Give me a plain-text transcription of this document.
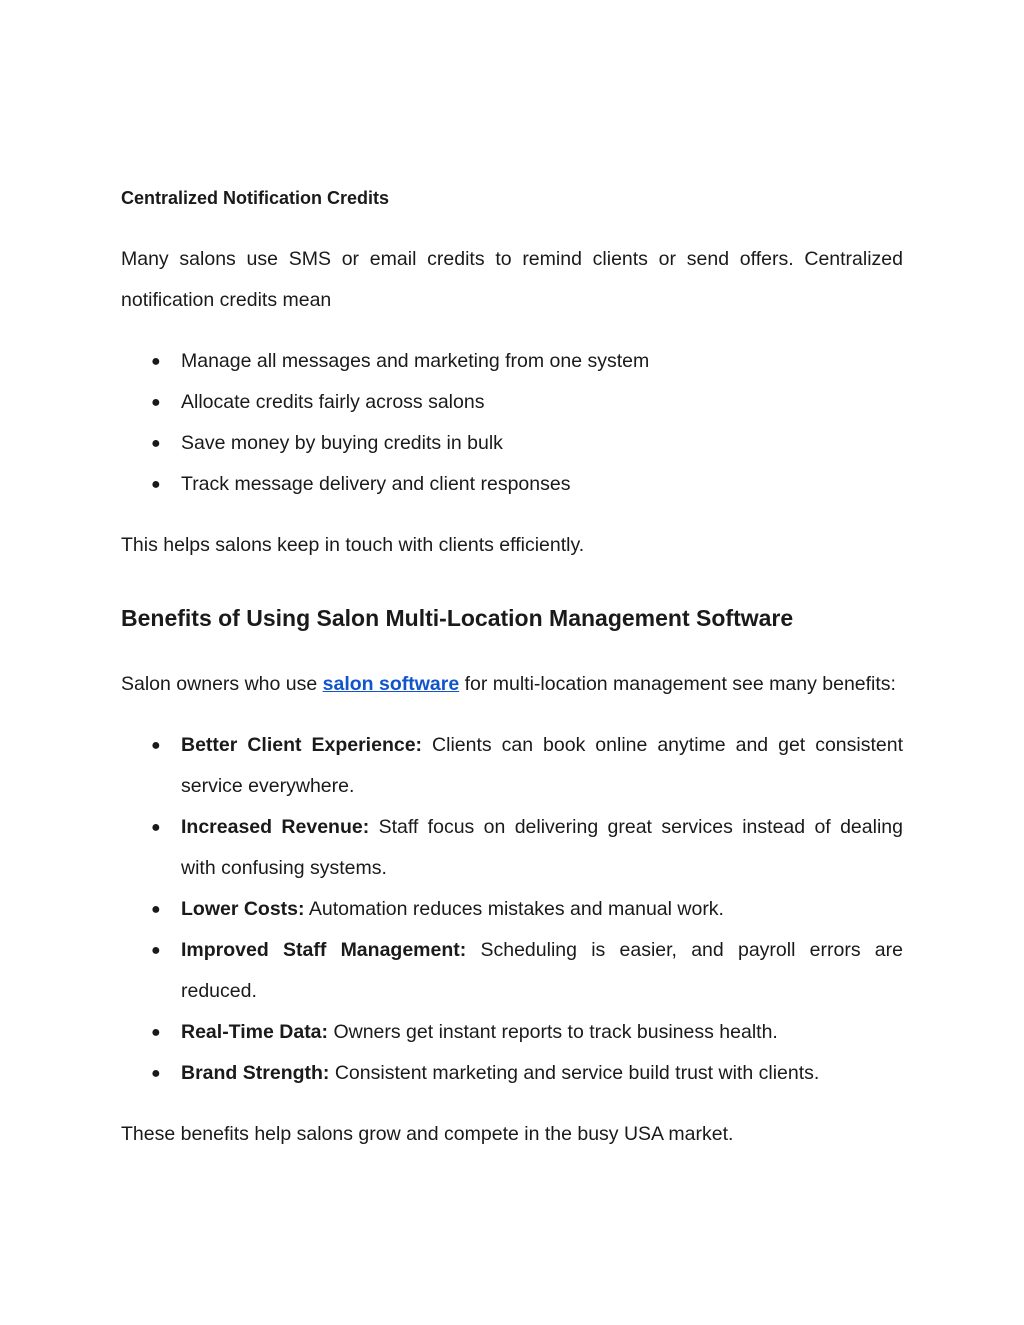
Centralized Notification Credits

Many salons use SMS or email credits to remind clients or send offers. Centralized notification credits mean

● Manage all messages and marketing from one system
● Allocate credits fairly across salons
● Save money by buying credits in bulk
● Track message delivery and client responses

This helps salons keep in touch with clients efficiently.

Benefits of Using Salon Multi-Location Management Software

Salon owners who use salon software for multi-location management see many benefits:

● Better Client Experience: Clients can book online anytime and get consistent service everywhere.
● Increased Revenue: Staff focus on delivering great services instead of dealing with confusing systems.
● Lower Costs: Automation reduces mistakes and manual work.
● Improved Staff Management: Scheduling is easier, and payroll errors are reduced.
● Real-Time Data: Owners get instant reports to track business health.
● Brand Strength: Consistent marketing and service build trust with clients.

These benefits help salons grow and compete in the busy USA market.
